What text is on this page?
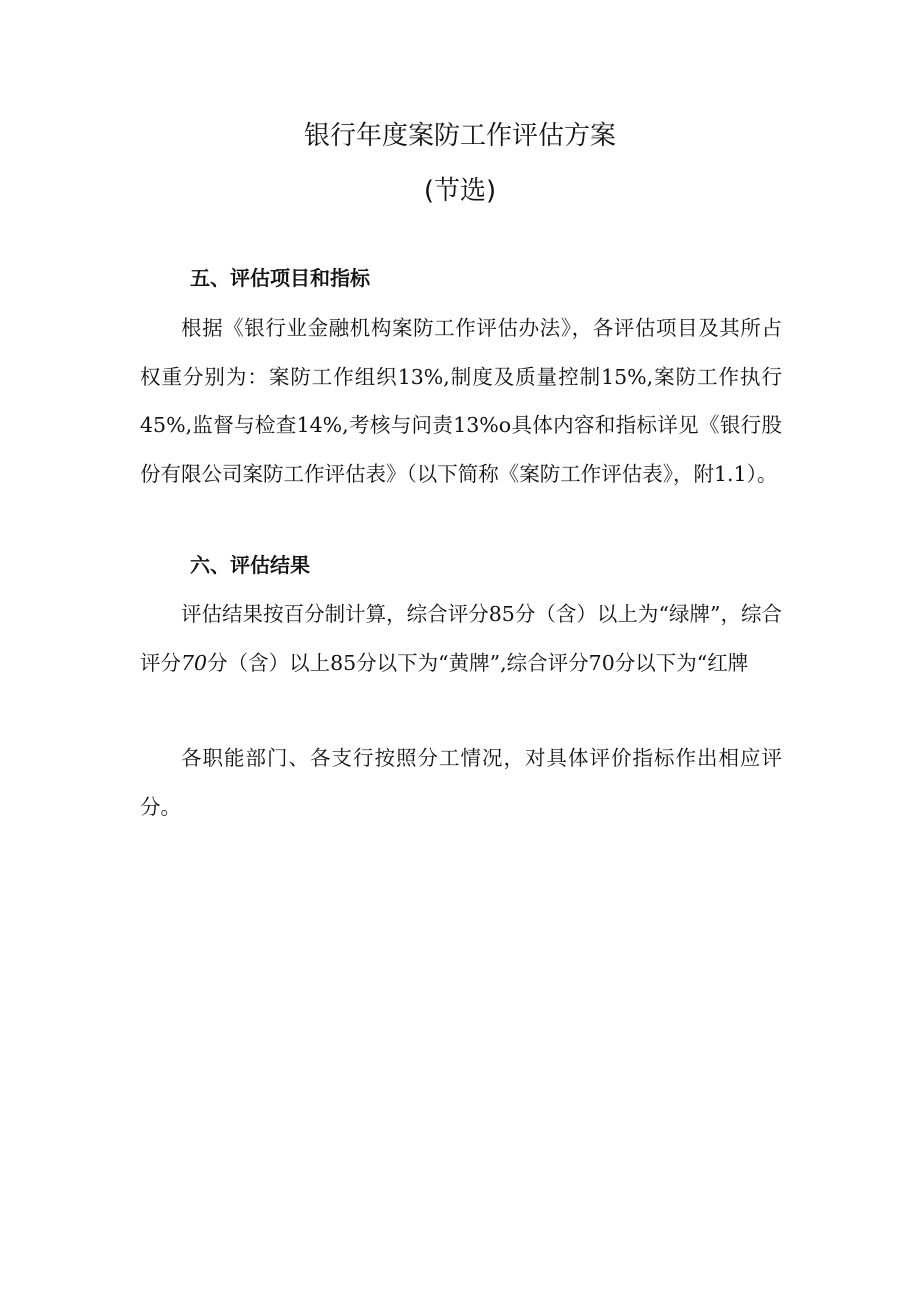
银行年度案防工作评估方案
(节选)
五、评估项目和指标

根据《银行业金融机构案防工作评估办法》，各评估项目及其所占权重分别为：案防工作组织13%,制度及质量控制15%,案防工作执行45%,监督与检查14%,考核与问责13%o具体内容和指标详见《银行股份有限公司案防工作评估表》（以下简称《案防工作评估表》，附1.1）。

六、评估结果

评估结果按百分制计算，综合评分85分（含）以上为“绿牌”，综合评分70分（含）以上85分以下为“黄牌”,综合评分70分以下为“红牌

各职能部门、各支行按照分工情况，对具体评价指标作出相应评分。
